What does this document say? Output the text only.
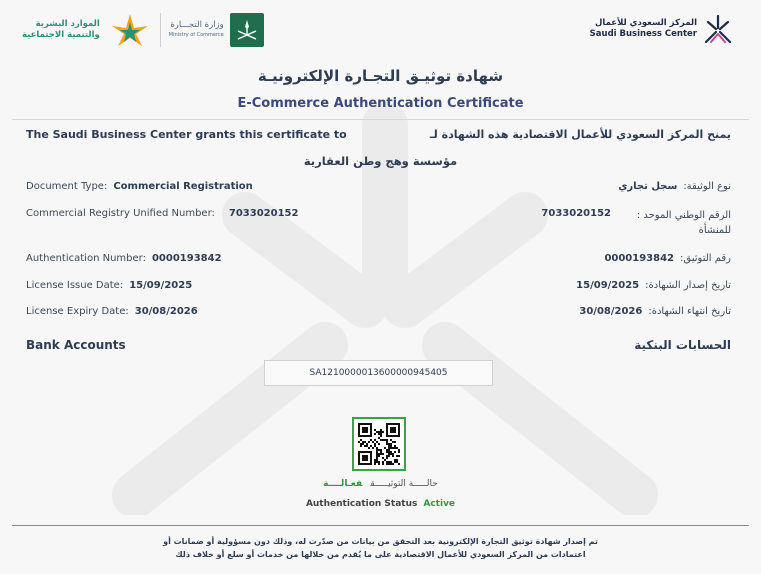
الموارد البشرية
والتنمية الاجتماعية
وزارة التجـــارة
Ministry of Commerce
المركز السعودي للأعمال
Saudi Business Center
شهادة توثيـق التجـارة الإلكترونيـة
E-Commerce Authentication Certificate
The Saudi Business Center grants this certificate to	يمنح المركز السعودي للأعمال الاقتصادية هذه الشهادة لـ
مؤسسة وهج وطن العقارية
Document Type: Commercial Registration	نوع الوثيقة:سجل تجاري
Commercial Registry Unified Number: 7033020152	الرقم الوطني الموحد : للمنشأة
7033020152
Authentication Number: 0000193842	رقم التوثيق:0000193842
License Issue Date: 15/09/2025	تاريخ إصدار الشهادة:15/09/2025
License Expiry Date: 30/08/2026	تاريخ انتهاء الشهادة:30/08/2026
Bank Accounts	الحسابات البنكية
SA1210000013600000945405
حالـــــة التوثيـــــقفعـالــــة
Authentication Status Active
تم إصدار شهادة توثيق التجارة الإلكترونية بعد التحقق من بيانات من صدّرت له، وذلك دون مسؤولية أو ضمانات أو
اعتمادات من المركز السعودي للأعمال الاقتصادية على ما يُقدم من خلالها من خدمات أو سلع أو خلاف ذلك
